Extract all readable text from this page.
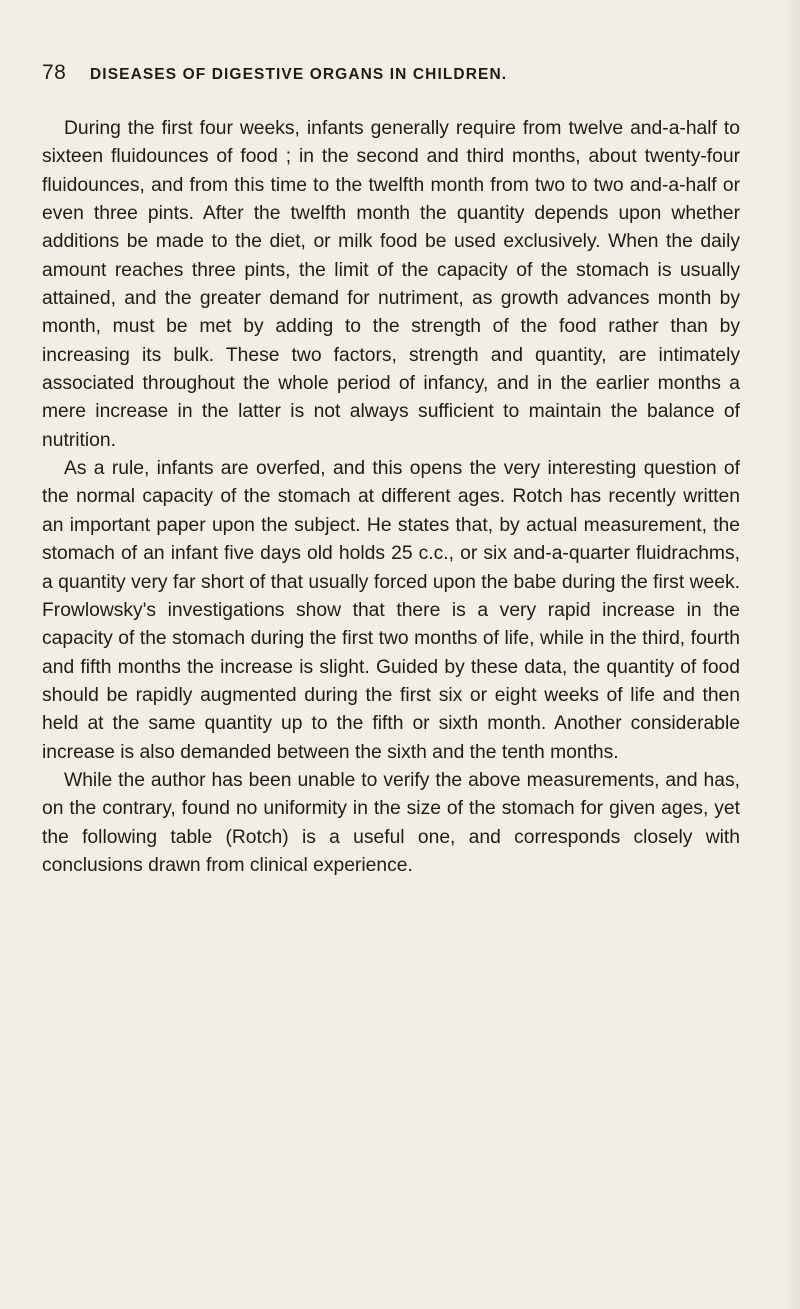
78	DISEASES OF DIGESTIVE ORGANS IN CHILDREN.

During the first four weeks, infants generally require from twelve and-a-half to sixteen fluidounces of food ; in the second and third months, about twenty-four fluidounces, and from this time to the twelfth month from two to two and-a-half or even three pints. After the twelfth month the quantity depends upon whether additions be made to the diet, or milk food be used exclusively. When the daily amount reaches three pints, the limit of the capacity of the stomach is usually attained, and the greater demand for nutriment, as growth advances month by month, must be met by adding to the strength of the food rather than by increasing its bulk. These two factors, strength and quantity, are intimately associated throughout the whole period of infancy, and in the earlier months a mere increase in the latter is not always sufficient to maintain the balance of nutrition.

As a rule, infants are overfed, and this opens the very interesting question of the normal capacity of the stomach at different ages. Rotch has recently written an important paper upon the subject. He states that, by actual measurement, the stomach of an infant five days old holds 25 c.c., or six and-a-quarter fluidrachms, a quantity very far short of that usually forced upon the babe during the first week. Frowlowsky's investigations show that there is a very rapid increase in the capacity of the stomach during the first two months of life, while in the third, fourth and fifth months the increase is slight. Guided by these data, the quantity of food should be rapidly augmented during the first six or eight weeks of life and then held at the same quantity up to the fifth or sixth month. Another considerable increase is also demanded between the sixth and the tenth months.

While the author has been unable to verify the above measurements, and has, on the contrary, found no uniformity in the size of the stomach for given ages, yet the following table (Rotch) is a useful one, and corresponds closely with conclusions drawn from clinical experience.
